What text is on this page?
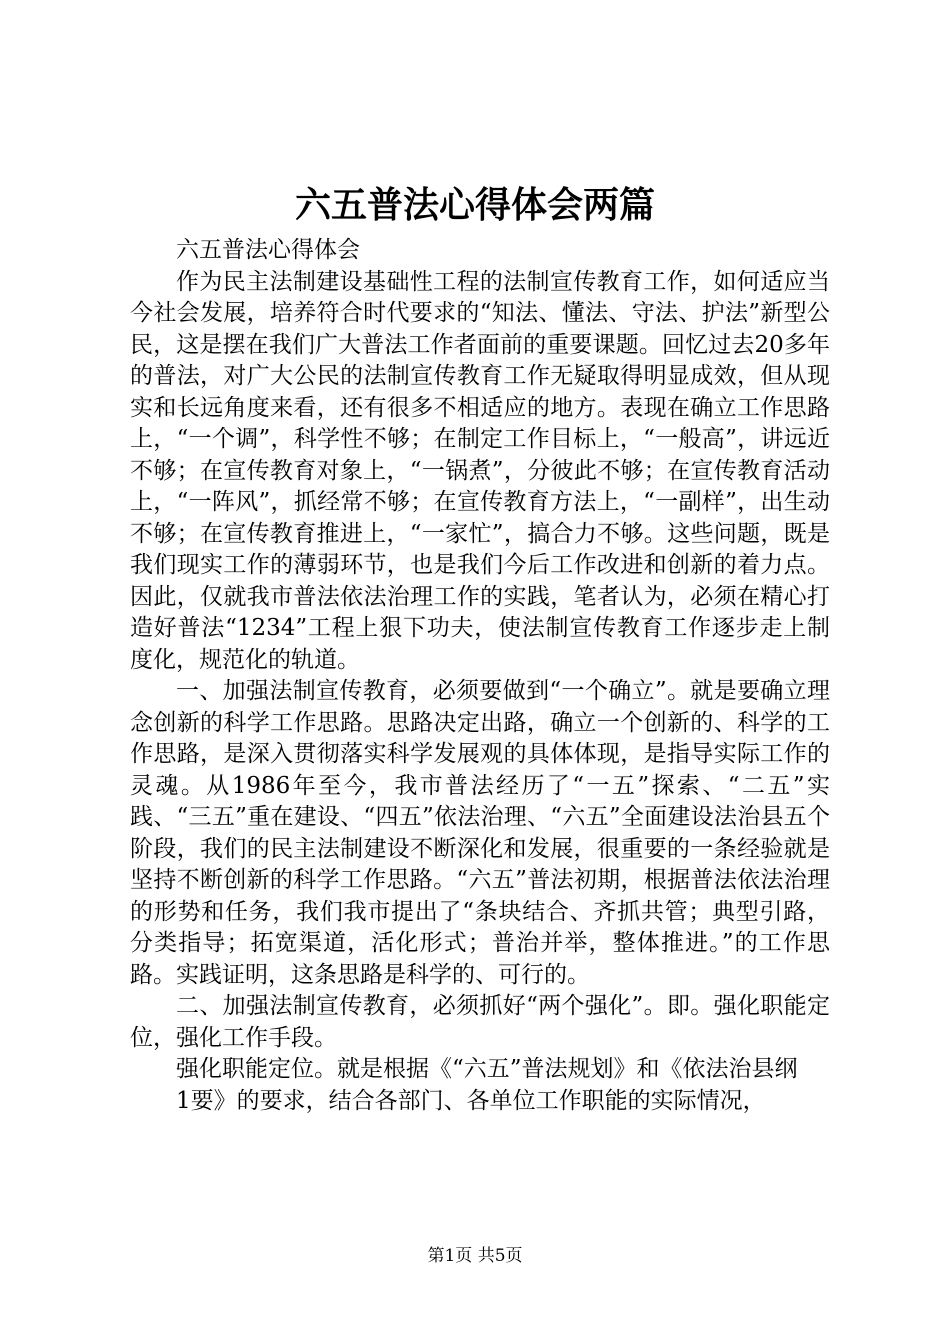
六五普法心得体会两篇

六五普法心得体会

作为民主法制建设基础性工程的法制宣传教育工作，如何适应当今社会发展，培养符合时代要求的“知法、懂法、守法、护法”新型公民，这是摆在我们广大普法工作者面前的重要课题。回忆过去20多年的普法，对广大公民的法制宣传教育工作无疑取得明显成效，但从现实和长远角度来看，还有很多不相适应的地方。表现在确立工作思路上，“一个调”，科学性不够；在制定工作目标上，“一般高”，讲远近不够；在宣传教育对象上，“一锅煮”，分彼此不够；在宣传教育活动上，“一阵风”，抓经常不够；在宣传教育方法上，“一副样”，出生动不够；在宣传教育推进上，“一家忙”，搞合力不够。这些问题，既是我们现实工作的薄弱环节，也是我们今后工作改进和创新的着力点。因此，仅就我市普法依法治理工作的实践，笔者认为，必须在精心打造好普法“1234”工程上狠下功夫，使法制宣传教育工作逐步走上制度化，规范化的轨道。

一、加强法制宣传教育，必须要做到“一个确立”。就是要确立理念创新的科学工作思路。思路决定出路，确立一个创新的、科学的工作思路，是深入贯彻落实科学发展观的具体体现，是指导实际工作的灵魂。从1986年至今，我市普法经历了“一五”探索、“二五”实践、“三五”重在建设、“四五”依法治理、“六五”全面建设法治县五个阶段，我们的民主法制建设不断深化和发展，很重要的一条经验就是坚持不断创新的科学工作思路。“六五”普法初期，根据普法依法治理的形势和任务，我们我市提出了“条块结合、齐抓共管；典型引路，分类指导；拓宽渠道，活化形式；普治并举，整体推进。”的工作思路。实践证明，这条思路是科学的、可行的。

二、加强法制宣传教育，必须抓好“两个强化”。即。强化职能定位，强化工作手段。

强化职能定位。就是根据《“六五”普法规划》和《依法治县纲

1要》的要求，结合各部门、各单位工作职能的实际情况，

第1页 共5页
